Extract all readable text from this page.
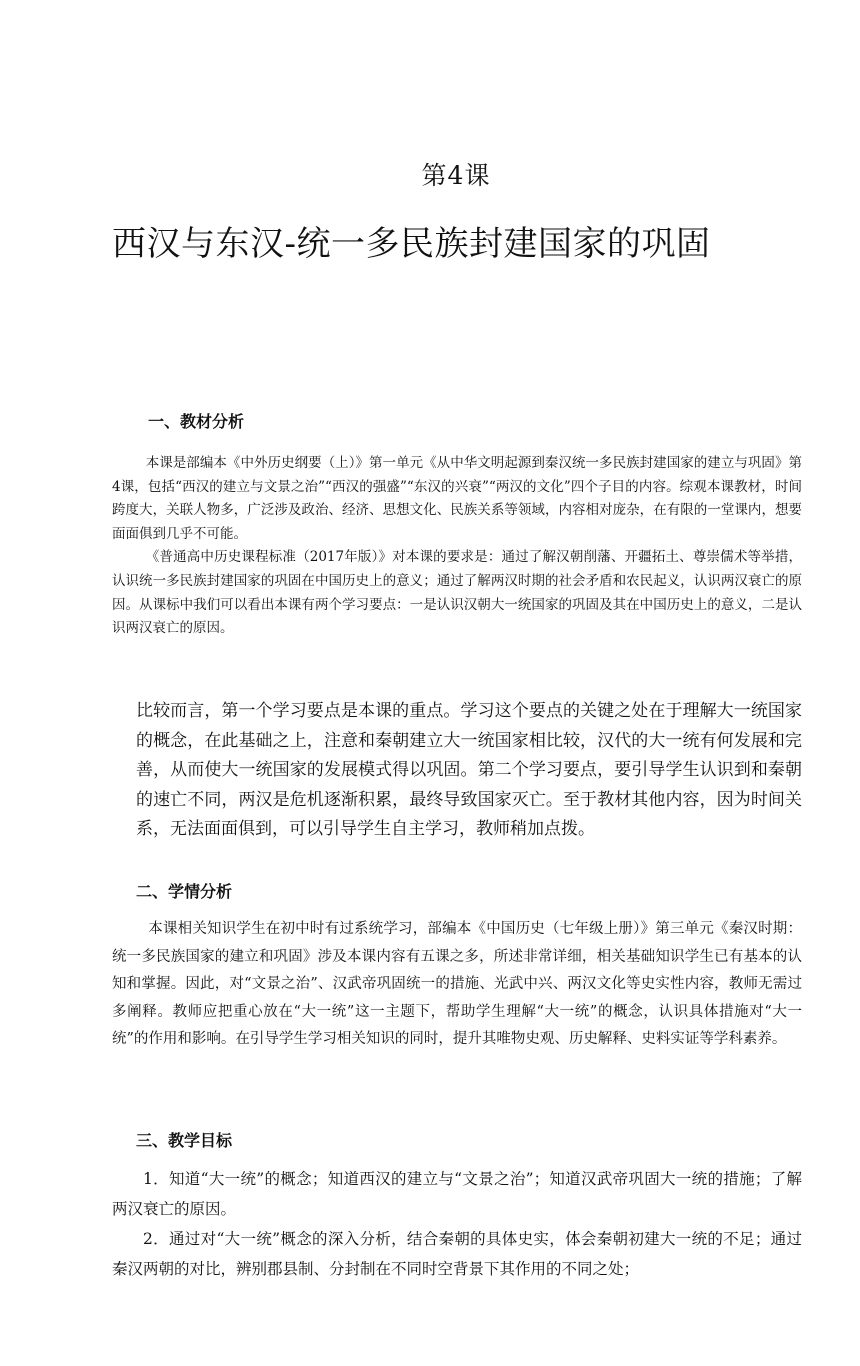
第4课
西汉与东汉-统一多民族封建国家的巩固
一、教材分析

本课是部编本《中外历史纲要（上）》第一单元《从中华文明起源到秦汉统一多民族封建国家的建立与巩固》第4课，包括“西汉的建立与文景之治”“西汉的强盛”“东汉的兴衰”“两汉的文化”四个子目的内容。综观本课教材，时间跨度大，关联人物多，广泛涉及政治、经济、思想文化、民族关系等领域，内容相对庞杂，在有限的一堂课内，想要面面俱到几乎不可能。

《普通高中历史课程标准（2017年版）》对本课的要求是：通过了解汉朝削藩、开疆拓土、尊崇儒术等举措，认识统一多民族封建国家的巩固在中国历史上的意义；通过了解两汉时期的社会矛盾和农民起义，认识两汉衰亡的原因。从课标中我们可以看出本课有两个学习要点：一是认识汉朝大一统国家的巩固及其在中国历史上的意义，二是认识两汉衰亡的原因。

比较而言，第一个学习要点是本课的重点。学习这个要点的关键之处在于理解大一统国家的概念，在此基础之上，注意和秦朝建立大一统国家相比较，汉代的大一统有何发展和完善，从而使大一统国家的发展模式得以巩固。第二个学习要点，要引导学生认识到和秦朝的速亡不同，两汉是危机逐渐积累，最终导致国家灭亡。至于教材其他内容，因为时间关系，无法面面俱到，可以引导学生自主学习，教师稍加点拨。
二、学情分析

本课相关知识学生在初中时有过系统学习，部编本《中国历史（七年级上册）》第三单元《秦汉时期：统一多民族国家的建立和巩固》涉及本课内容有五课之多，所述非常详细，相关基础知识学生已有基本的认知和掌握。因此，对“文景之治”、汉武帝巩固统一的措施、光武中兴、两汉文化等史实性内容，教师无需过多阐释。教师应把重心放在“大一统”这一主题下，帮助学生理解“大一统”的概念，认识具体措施对“大一统”的作用和影响。在引导学生学习相关知识的同时，提升其唯物史观、历史解释、史料实证等学科素养。

三、教学目标

1．知道“大一统”的概念；知道西汉的建立与“文景之治”；知道汉武帝巩固大一统的措施；了解两汉衰亡的原因。

2．通过对“大一统”概念的深入分析，结合秦朝的具体史实，体会秦朝初建大一统的不足；通过秦汉两朝的对比，辨别郡县制、分封制在不同时空背景下其作用的不同之处；
